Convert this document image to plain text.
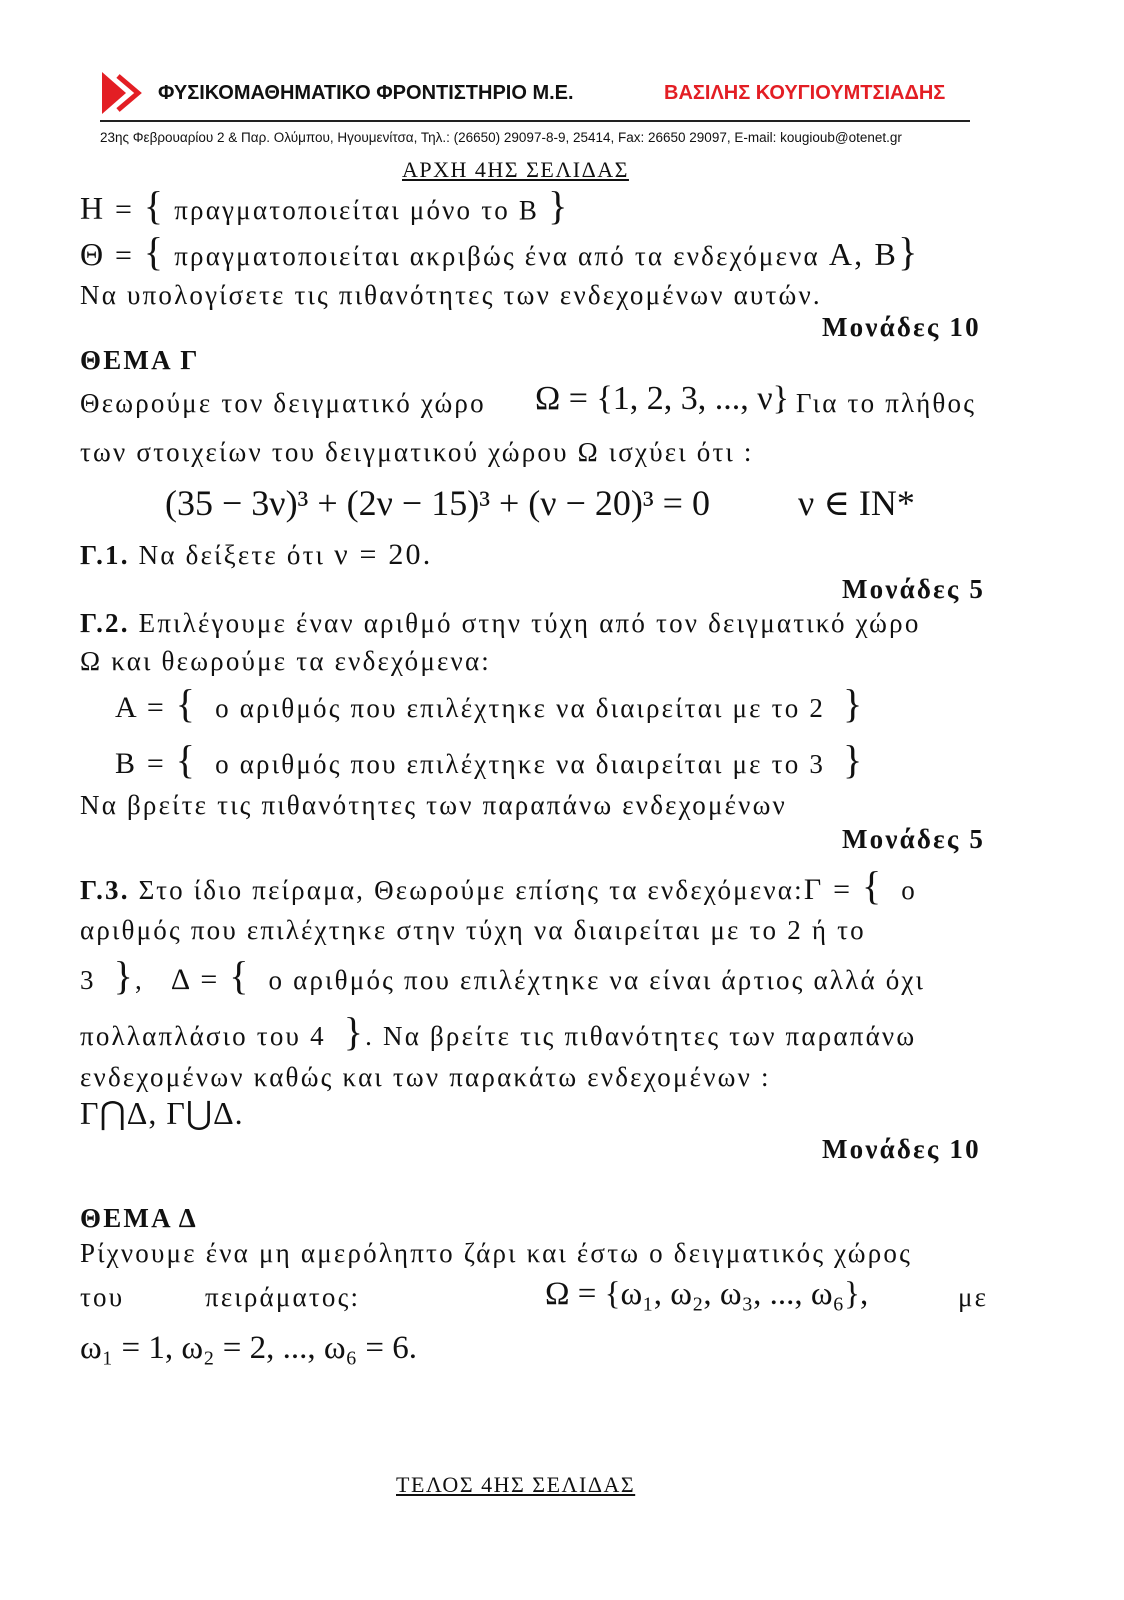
ΦΥΣΙΚΟΜΑΘΗΜΑΤΙΚΟ ΦΡΟΝΤΙΣΤΗΡΙΟ Μ.Ε.	ΒΑΣΙΛΗΣ ΚΟΥΓΙΟΥΜΤΣΙΑΔΗΣ
23ης Φεβρουαρίου 2 & Παρ. Ολύμπου, Ηγουμενίτσα, Τηλ.: (26650) 29097-8-9, 25414, Fax: 26650 29097, E-mail: kougioub@otenet.gr
ΑΡΧΗ 4ΗΣ ΣΕΛΙΔΑΣ
Η = { πραγματοποιείται μόνο το Β }
Θ = { πραγματοποιείται ακριβώς ένα από τα ενδεχόμενα Α, Β}
Να υπολογίσετε τις πιθανότητες των ενδεχομένων αυτών.
Μονάδες 10
ΘΕΜΑ Γ
Θεωρούμε τον δειγματικό χώρο Ω = {1, 2, 3, ..., ν}
. Για το πλήθος
των στοιχείων του δειγματικού χώρου Ω ισχύει ότι :
(35 − 3ν)³ + (2ν − 15)³ + (ν − 20)³ = 0 ν ∈ IN*
Γ.1. Να δείξετε ότι ν = 20.
Μονάδες 5
Γ.2. Επιλέγουμε έναν αριθμό στην τύχη από τον δειγματικό χώρο
Ω και θεωρούμε τα ενδεχόμενα:
Α = { ο αριθμός που επιλέχτηκε να διαιρείται με το 2 }
Β = { ο αριθμός που επιλέχτηκε να διαιρείται με το 3 }
Να βρείτε τις πιθανότητες των παραπάνω ενδεχομένων
Μονάδες 5
Γ.3. Στο ίδιο πείραμα, Θεωρούμε επίσης τα ενδεχόμενα:Γ = { ο
αριθμός που επιλέχτηκε στην τύχη να διαιρείται με το 2 ή το
3 },   Δ = { ο αριθμός που επιλέχτηκε να είναι άρτιος αλλά όχι
πολλαπλάσιο του 4 }. Να βρείτε τις πιθανότητες των παραπάνω
ενδεχομένων καθώς και των παρακάτω ενδεχομένων :
Γ⋂Δ, Γ⋃Δ.
Μονάδες 10
ΘΕΜΑ Δ
Ρίχνουμε ένα μη αμερόληπτο ζάρι και έστω ο δειγματικός χώρος
του	πειράματος:	Ω = {ω₁, ω₂, ω₃, ..., ω₆},	με
ω₁ = 1, ω₂ = 2, ..., ω₆ = 6.
ΤΕΛΟΣ 4ΗΣ ΣΕΛΙΔΑΣ
